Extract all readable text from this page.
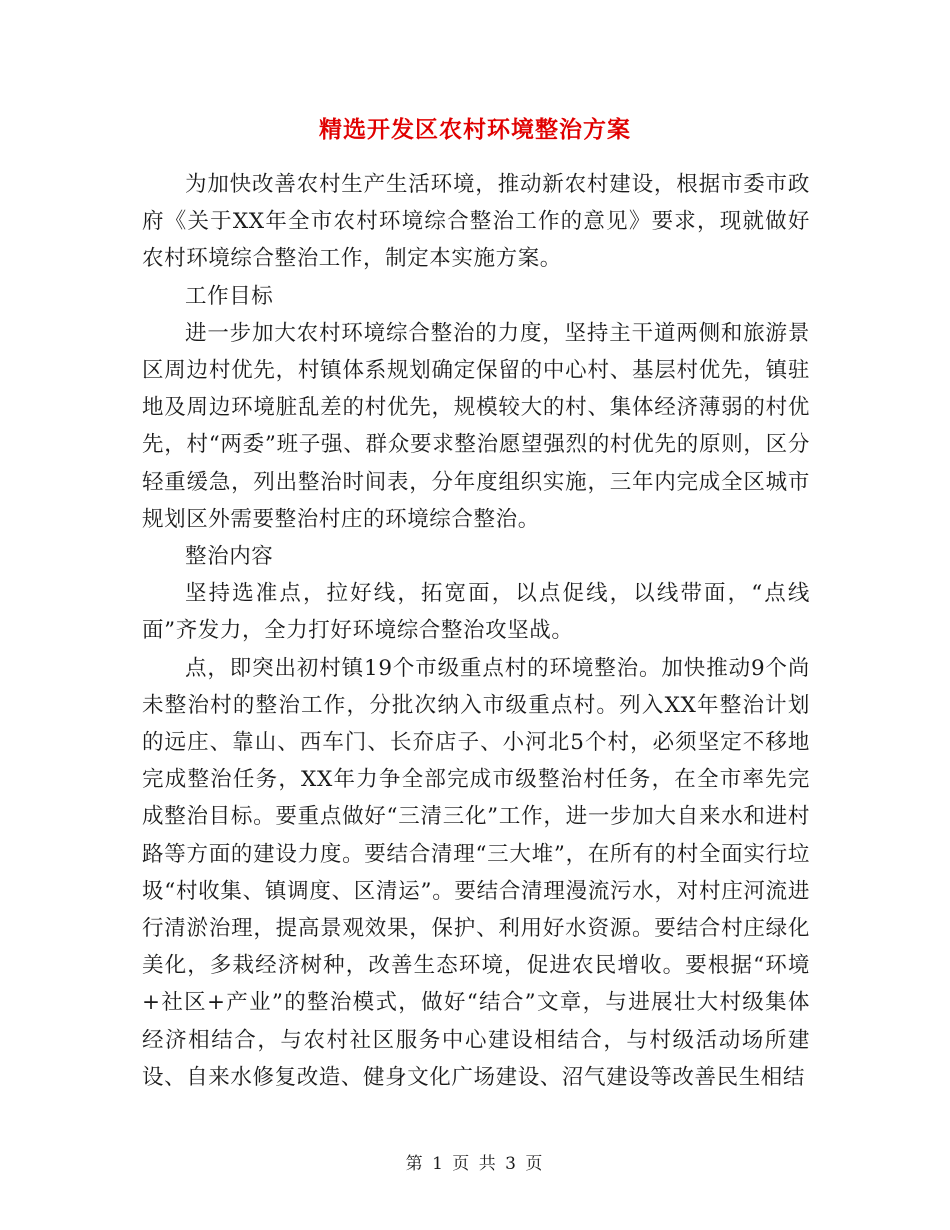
精选开发区农村环境整治方案

为加快改善农村生产生活环境，推动新农村建设，根据市委市政府《关于XX年全市农村环境综合整治工作的意见》要求，现就做好农村环境综合整治工作，制定本实施方案。

工作目标

进一步加大农村环境综合整治的力度，坚持主干道两侧和旅游景区周边村优先，村镇体系规划确定保留的中心村、基层村优先，镇驻地及周边环境脏乱差的村优先，规模较大的村、集体经济薄弱的村优先，村“两委”班子强、群众要求整治愿望强烈的村优先的原则，区分轻重缓急，列出整治时间表，分年度组织实施，三年内完成全区城市规划区外需要整治村庄的环境综合整治。

整治内容

坚持选准点，拉好线，拓宽面，以点促线，以线带面，“点线面”齐发力，全力打好环境综合整治攻坚战。

点，即突出初村镇19个市级重点村的环境整治。加快推动9个尚未整治村的整治工作，分批次纳入市级重点村。列入XX年整治计划的远庄、靠山、西车门、长夼店子、小河北5个村，必须坚定不移地完成整治任务，XX年力争全部完成市级整治村任务，在全市率先完成整治目标。要重点做好“三清三化”工作，进一步加大自来水和进村路等方面的建设力度。要结合清理“三大堆”，在所有的村全面实行垃圾“村收集、镇调度、区清运”。要结合清理漫流污水，对村庄河流进行清淤治理，提高景观效果，保护、利用好水资源。要结合村庄绿化美化，多栽经济树种，改善生态环境，促进农民增收。要根据“环境+社区+产业”的整治模式，做好“结合”文章，与进展壮大村级集体经济相结合，与农村社区服务中心建设相结合，与村级活动场所建设、自来水修复改造、健身文化广场建设、沼气建设等改善民生相结

第 1 页 共 3 页
